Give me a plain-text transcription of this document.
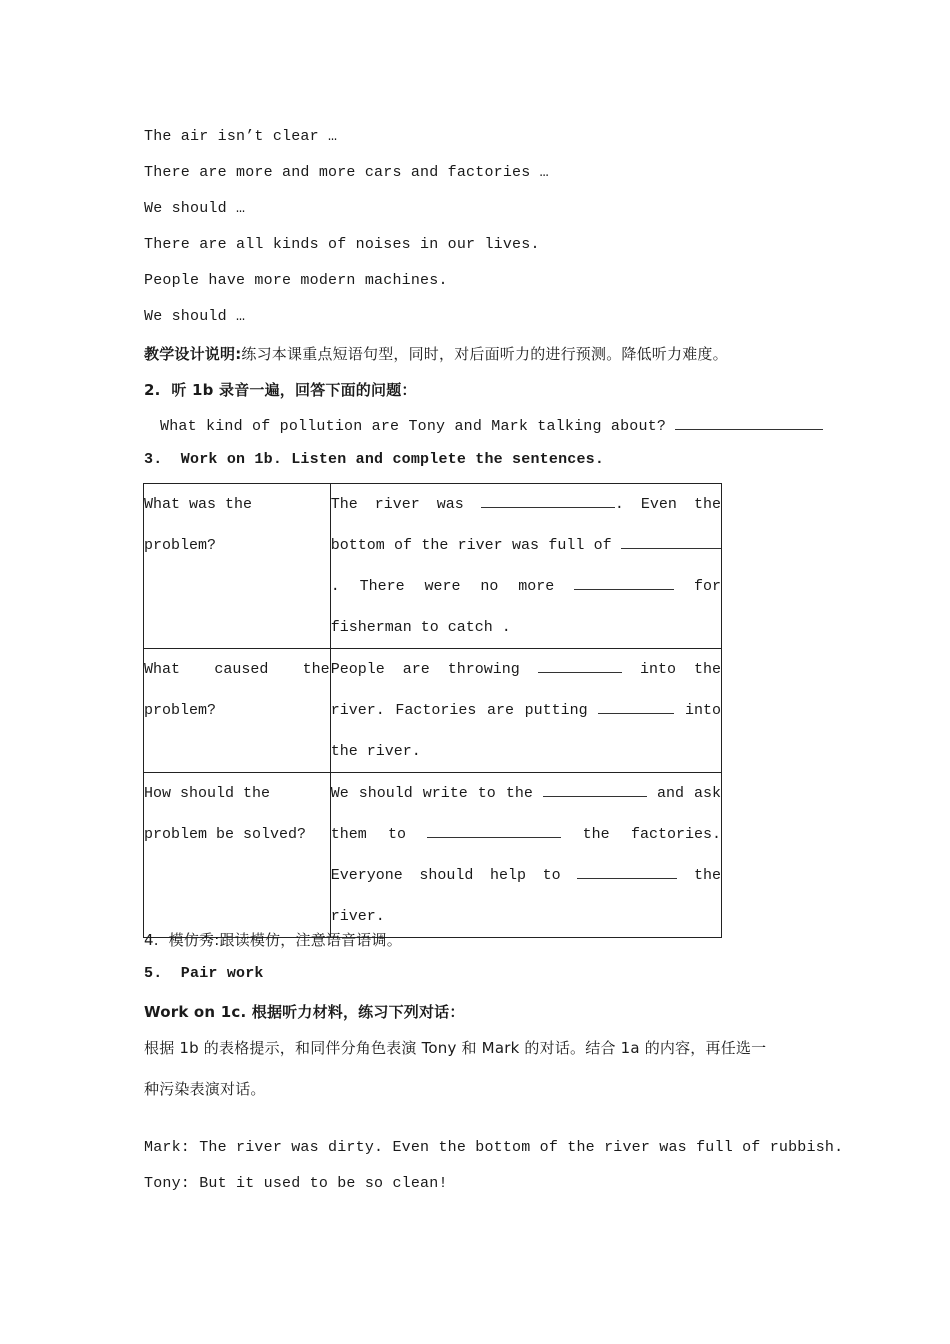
The air isn’t clear …
There are more and more cars and factories …
We should …
There are all kinds of noises in our lives.
People have more modern machines.
We should …
教学设计说明:练习本课重点短语句型，同时，对后面听力的进行预测。降低听力难度。
2.  听 1b 录音一遍，回答下面的问题：
What kind of pollution are Tony and Mark talking about?
3.  Work on 1b. Listen and complete the sentences.
What was the problem?	The river was . Even the bottom of the river was full of . There were no more for fisherman to catch .

What caused the problem?	People are throwing into the river. Factories are putting into the river.

How should the problem be solved?	We should write to the and ask them to the factories. Everyone should help to the river.
4.  模仿秀:跟读模仿，注意语音语调。
5.  Pair work
Work on 1c. 根据听力材料，练习下列对话：
根据 1b 的表格提示，和同伴分角色表演 Tony 和 Mark 的对话。结合 1a 的内容，再任选一
种污染表演对话。
Mark: The river was dirty. Even the bottom of the river was full of rubbish.
Tony: But it used to be so clean!
